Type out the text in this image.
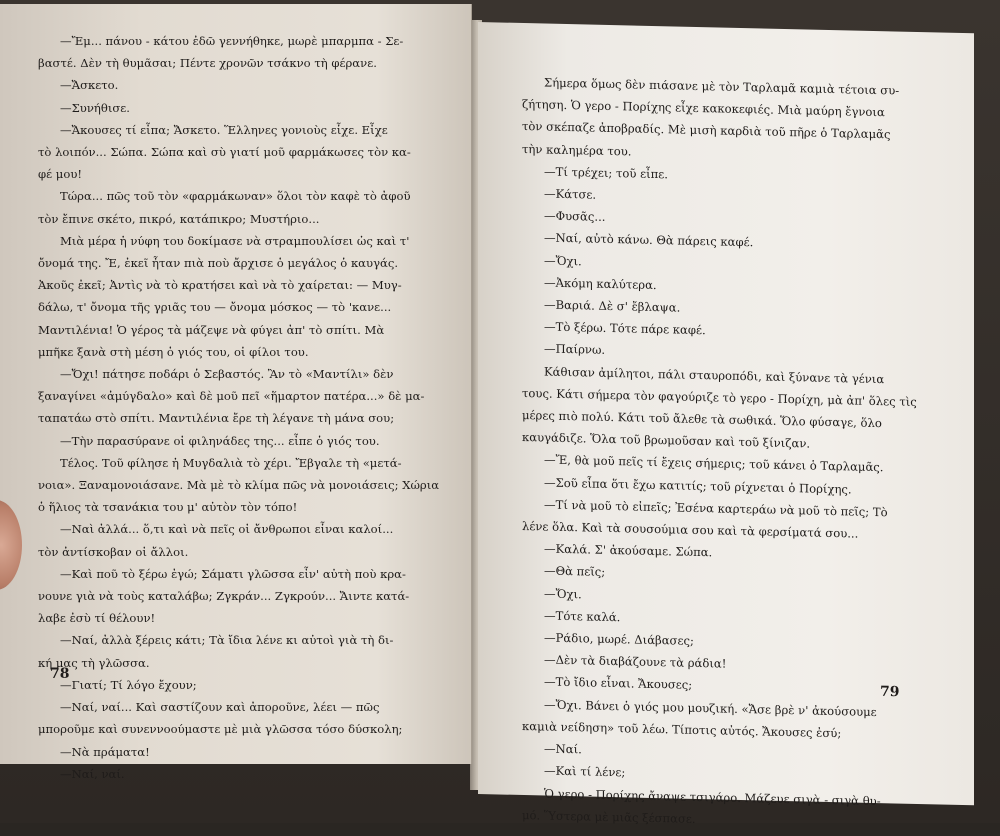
—Ἔμ... πάνου - κάτου ἐδῶ γεννήθηκε, μωρὲ μπαρμπα - Σε-
βαστέ. Δὲν τὴ θυμᾶσαι; Πέντε χρονῶν τσάκνο τὴ φέρανε.
—Ἄσκετο.
—Συνήθισε.
—Ἄκουσες τί εἶπα; Ἄσκετο. Ἕλληνες γονιοὺς εἶχε. Εἶχε
τὸ λοιπόν... Σώπα. Σώπα καὶ σὺ γιατί μοῦ φαρμάκωσες τὸν κα-
φέ μου!
Τώρα... πῶς τοῦ τὸν «φαρμάκωναν» ὅλοι τὸν καφὲ τὸ ἀφοῦ
τὸν ἔπινε σκέτο, πικρό, κατάπικρο; Μυστήριο...
Μιὰ μέρα ἡ νύφη του δοκίμασε νὰ στραμπουλίσει ὡς καὶ τ'
ὄνομά της. Ἔ, ἐκεῖ ἦταν πιὰ ποὺ ἄρχισε ὁ μεγάλος ὁ καυγάς.
Ἀκοῦς ἐκεῖ; Ἀντὶς νὰ τὸ κρατήσει καὶ νὰ τὸ χαίρεται: — Μυγ-
δάλω, τ' ὄνομα τῆς γριᾶς του — ὄνομα μόσκος — τὸ 'κανε...
Μαντιλένια! Ὁ γέρος τὰ μάζεψε νὰ φύγει ἀπ' τὸ σπίτι. Μὰ
μπῆκε ξανὰ στὴ μέση ὁ γιός του, οἱ φίλοι του.
—Ὄχι! πάτησε ποδάρι ὁ Σεβαστός. Ἂν τὸ «Μαντίλι» δὲν
ξαναγίνει «ἀμύγδαλο» καὶ δὲ μοῦ πεῖ «ἥμαρτον πατέρα...» δὲ μα-
ταπατάω στὸ σπίτι. Μαντιλένια ἔρε τὴ λέγανε τὴ μάνα σου;
—Τὴν παρασύρανε οἱ φιληνάδες της... εἶπε ὁ γιός του.
Τέλος. Τοῦ φίλησε ἡ Μυγδαλιὰ τὸ χέρι. Ἔβγαλε τὴ «μετά-
νοια». Ξαναμονοιάσανε. Μὰ μὲ τὸ κλίμα πῶς νὰ μονοιάσεις; Χώρια
ὁ ἥλιος τὰ τσανάκια του μ' αὐτὸν τὸν τόπο!
—Ναὶ ἀλλά... ὅ,τι καὶ νὰ πεῖς οἱ ἄνθρωποι εἶναι καλοί...
τὸν ἀντίσκοβαν οἱ ἄλλοι.
—Καὶ ποῦ τὸ ξέρω ἐγώ; Σάματι γλῶσσα εἶν' αὐτὴ ποὺ κρα-
νουνε γιὰ νὰ τοὺς καταλάβω; Ζγκράν... Ζγκρούν... Ἄιντε κατά-
λαβε ἐσὺ τί θέλουν!
—Ναί, ἀλλὰ ξέρεις κάτι; Τὰ ἴδια λένε κι αὐτοὶ γιὰ τὴ δι-
κή μας τὴ γλῶσσα.
—Γιατί; Τί λόγο ἔχουν;
—Ναί, ναί... Καὶ σαστίζουν καὶ ἀποροῦνε, λέει — πῶς
μποροῦμε καὶ συνεννοούμαστε μὲ μιὰ γλῶσσα τόσο δύσκολη;
—Νὰ πράματα!
—Ναί, ναί.
78
Σήμερα ὅμως δὲν πιάσανε μὲ τὸν Ταρλαμᾶ καμιὰ τέτοια συ-
ζήτηση. Ὁ γερο - Πορίχης εἶχε κακοκεφιές. Μιὰ μαύρη ἔγνοια
τὸν σκέπαζε ἀποβραδίς. Μὲ μισὴ καρδιὰ τοῦ πῆρε ὁ Ταρλαμᾶς
τὴν καλημέρα του.
—Τί τρέχει; τοῦ εἶπε.
—Κάτσε.
—Φυσᾶς...
—Ναί, αὐτὸ κάνω. Θὰ πάρεις καφέ.
—Ὄχι.
—Ἀκόμη καλύτερα.
—Βαριά. Δὲ σ' ἔβλαψα.
—Τὸ ξέρω. Τότε πάρε καφέ.
—Παίρνω.
Κάθισαν ἀμίλητοι, πάλι σταυροπόδι, καὶ ξύνανε τὰ γένια
τους. Κάτι σήμερα τὸν φαγούριζε τὸ γερο - Πορίχη, μὰ ἀπ' ὅλες τὶς
μέρες πιὸ πολύ. Κάτι τοῦ ἄλεθε τὰ σωθικά. Ὅλο φύσαγε, ὅλο
καυγάδιζε. Ὅλα τοῦ βρωμοῦσαν καὶ τοῦ ξίνιζαν.
—Ἔ, θὰ μοῦ πεῖς τί ἔχεις σήμερις; τοῦ κάνει ὁ Ταρλαμᾶς.
—Σοῦ εἶπα ὅτι ἔχω κατιτίς; τοῦ ρίχνεται ὁ Πορίχης.
—Τί νὰ μοῦ τὸ εἰπεῖς; Ἐσένα καρτεράω νὰ μοῦ τὸ πεῖς; Τὸ
λένε ὅλα. Καὶ τὰ σουσούμια σου καὶ τὰ φερσίματά σου...
—Καλά. Σ' ἀκούσαμε. Σώπα.
—Θὰ πεῖς;
—Ὄχι.
—Τότε καλά.
—Ράδιο, μωρέ. Διάβασες;
—Δὲν τὰ διαβάζουνε τὰ ράδια!
—Τὸ ἴδιο εἶναι. Ἄκουσες;
—Ὄχι. Βάνει ὁ γιός μου μουζική. «Ἄσε βρὲ ν' ἀκούσουμε
καμιὰ νείδηση» τοῦ λέω. Τίποτις αὐτός. Ἄκουσες ἐσύ;
—Ναί.
—Καὶ τί λένε;
Ὁ γερο - Πορίχης ἄναψε τσιγάρο. Μάζευε σιγὰ - σιγὰ θυ-
μό. Ὕστερα μὲ μιᾶς ξέσπασε.
79
